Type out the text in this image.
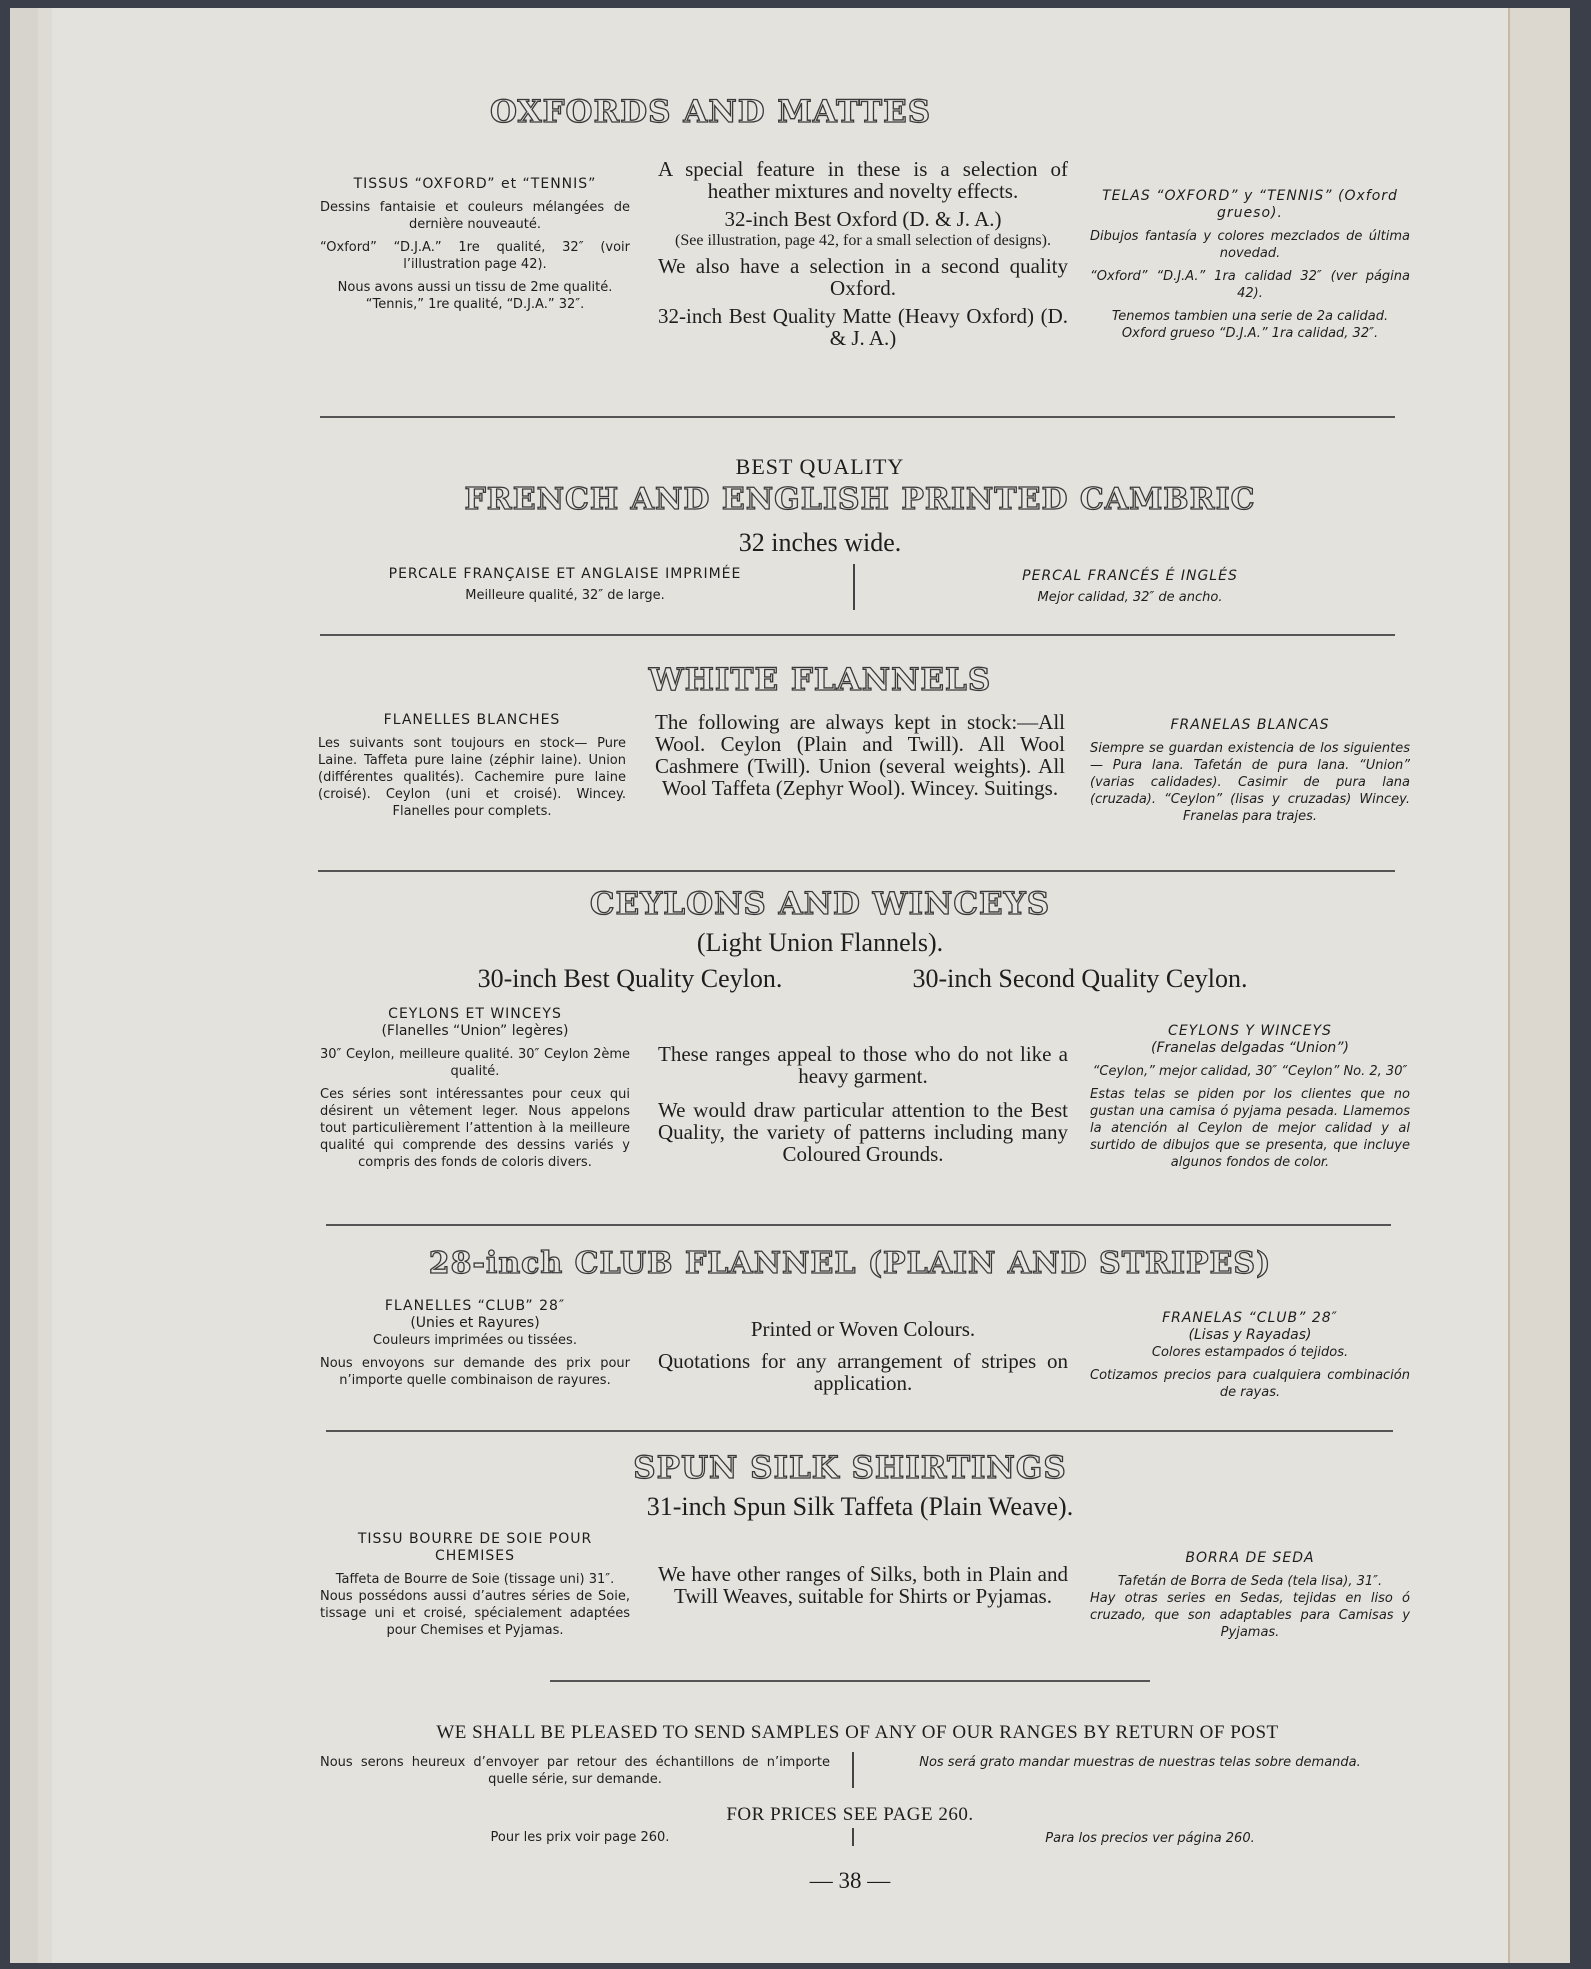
OXFORDS AND MATTES

TISSUS “OXFORD” et “TENNIS”

Dessins fantaisie et couleurs mélangées de dernière nouveauté.

“Oxford” “D.J.A.” 1re qualité, 32″ (voir l’illustration page 42).

Nous avons aussi un tissu de 2me qualité.

“Tennis,” 1re qualité, “D.J.A.” 32″.

A special feature in these is a selection of heather mixtures and novelty effects.

32-inch Best Oxford (D. & J. A.)

(See illustration, page 42, for a small selection of designs).

We also have a selection in a second quality Oxford.

32-inch Best Quality Matte (Heavy Oxford) (D. & J. A.)

TELAS “OXFORD” y “TENNIS” (Oxford grueso).

Dibujos fantasía y colores mezclados de última novedad.

“Oxford” “D.J.A.” 1ra calidad 32″ (ver página 42).

Tenemos tambien una serie de 2a calidad.

Oxford grueso “D.J.A.” 1ra calidad, 32″.

BEST QUALITY
FRENCH AND ENGLISH PRINTED CAMBRIC
32 inches wide.
PERCALE FRANÇAISE ET ANGLAISE IMPRIMÉE
Meilleure qualité, 32″ de large.
PERCAL FRANCÉS É INGLÉS
Mejor calidad, 32″ de ancho.
WHITE FLANNELS

FLANELLES BLANCHES

Les suivants sont toujours en stock— Pure Laine. Taffeta pure laine (zéphir laine). Union (différentes qualités). Cachemire pure laine (croisé). Ceylon (uni et croisé). Wincey. Flanelles pour complets.

The following are always kept in stock:—All Wool. Ceylon (Plain and Twill). All Wool Cashmere (Twill). Union (several weights). All Wool Taffeta (Zephyr Wool). Wincey. Suitings.

FRANELAS BLANCAS

Siempre se guardan existencia de los siguientes— Pura lana. Tafetán de pura lana. “Union” (varias calidades). Casimir de pura lana (cruzada). “Ceylon” (lisas y cruzadas) Wincey. Franelas para trajes.

CEYLONS AND WINCEYS
(Light Union Flannels).
30-inch Best Quality Ceylon.	30-inch Second Quality Ceylon.

CEYLONS ET WINCEYS

(Flanelles “Union” legères)

30″ Ceylon, meilleure qualité. 30″ Ceylon 2ème qualité.

Ces séries sont intéressantes pour ceux qui désirent un vêtement leger. Nous appelons tout particulièrement l’attention à la meilleure qualité qui comprende des dessins variés y compris des fonds de coloris divers.

These ranges appeal to those who do not like a heavy garment.

We would draw particular attention to the Best Quality, the variety of patterns including many Coloured Grounds.

CEYLONS Y WINCEYS

(Franelas delgadas “Union”)

“Ceylon,” mejor calidad, 30″ “Ceylon” No. 2, 30″

Estas telas se piden por los clientes que no gustan una camisa ó pyjama pesada. Llamemos la atención al Ceylon de mejor calidad y al surtido de dibujos que se presenta, que incluye algunos fondos de color.

28-inch CLUB FLANNEL (PLAIN AND STRIPES)

FLANELLES “CLUB” 28″

(Unies et Rayures)

Couleurs imprimées ou tissées.

Nous envoyons sur demande des prix pour n’importe quelle combinaison de rayures.

Printed or Woven Colours.

Quotations for any arrangement of stripes on application.

FRANELAS “CLUB” 28″

(Lisas y Rayadas)

Colores estampados ó tejidos.

Cotizamos precios para cualquiera combinación de rayas.

SPUN SILK SHIRTINGS
31-inch Spun Silk Taffeta (Plain Weave).

TISSU BOURRE DE SOIE POUR CHEMISES

Taffeta de Bourre de Soie (tissage uni) 31″.

Nous possédons aussi d’autres séries de Soie, tissage uni et croisé, spécialement adaptées pour Chemises et Pyjamas.

We have other ranges of Silks, both in Plain and Twill Weaves, suitable for Shirts or Pyjamas.

BORRA DE SEDA

Tafetán de Borra de Seda (tela lisa), 31″.

Hay otras series en Sedas, tejidas en liso ó cruzado, que son adaptables para Camisas y Pyjamas.

WE SHALL BE PLEASED TO SEND SAMPLES OF ANY OF OUR RANGES BY RETURN OF POST

Nous serons heureux d’envoyer par retour des échantillons de n’importe quelle série, sur demande.

Nos será grato mandar muestras de nuestras telas sobre demanda.

FOR PRICES SEE PAGE 260.
Pour les prix voir page 260.	Para los precios ver página 260.
— 38 —
